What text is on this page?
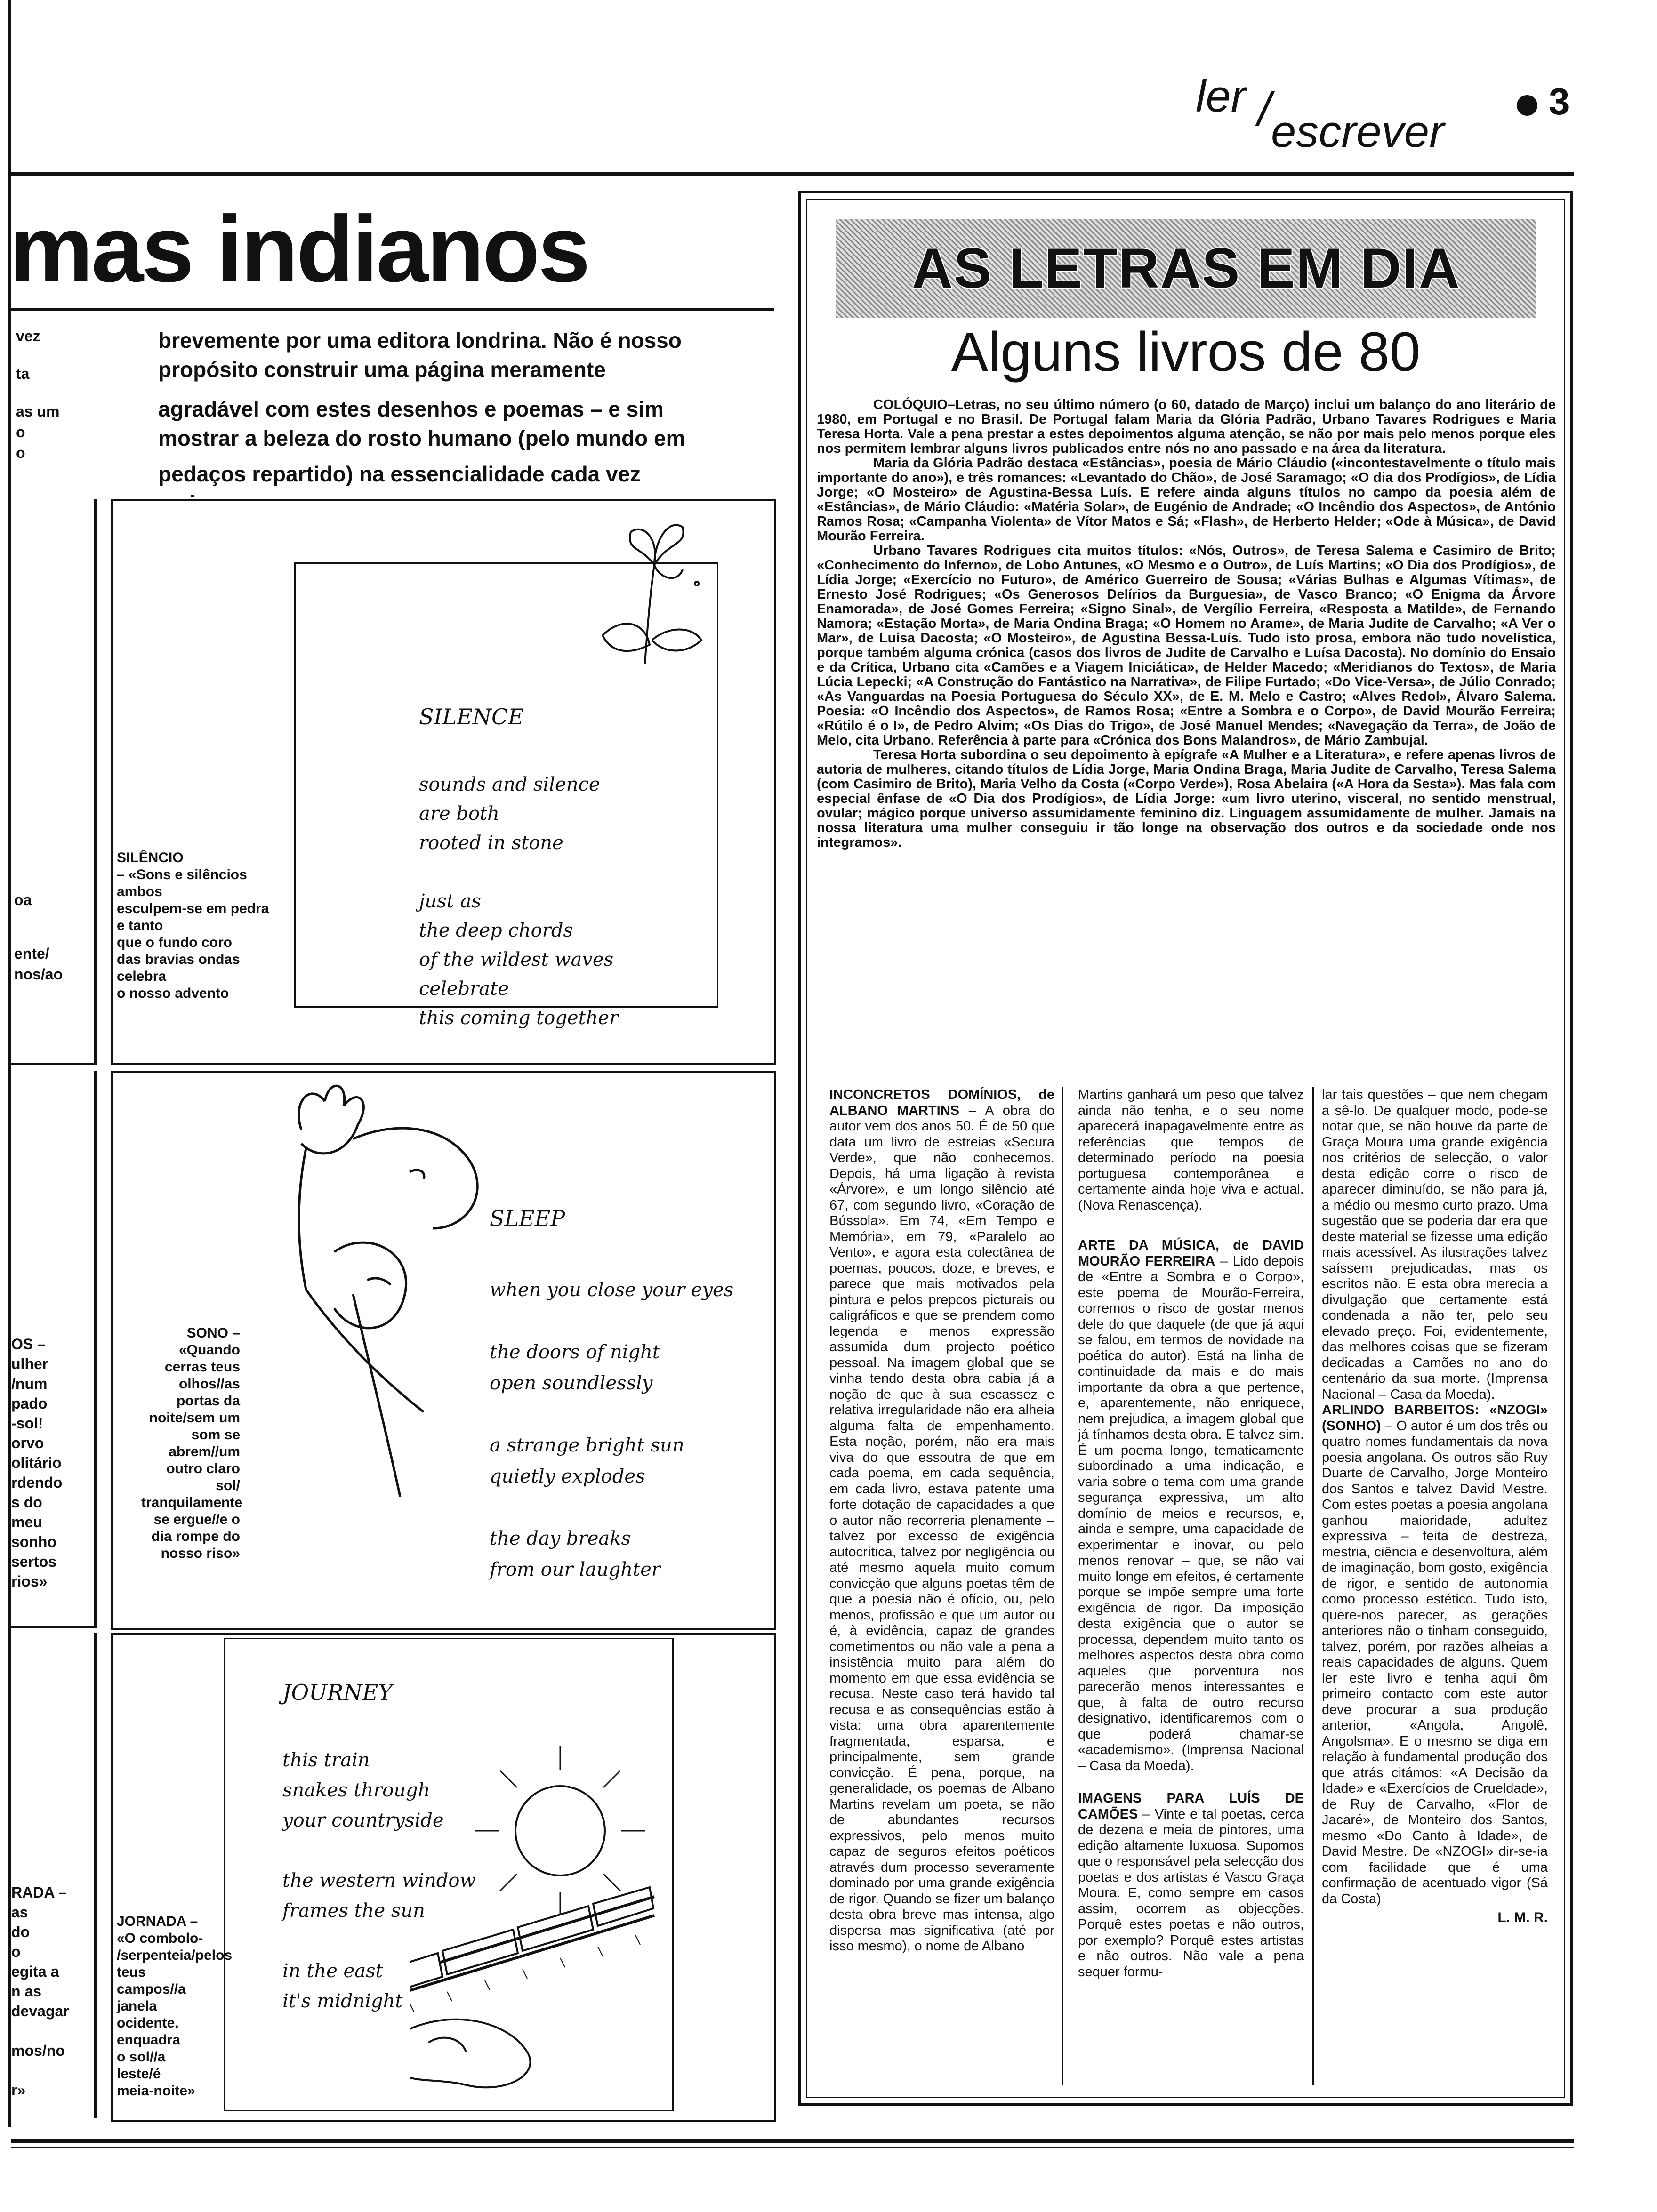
ler / escrever
3
mas indianos
vez
ta
as um
o
o
brevemente por uma editora londrina. Não é nosso
propósito construir uma página meramente
agradável com estes desenhos e poemas – e sim
mostrar a beleza do rosto humano (pelo mundo em
pedaços repartido) na essencialidade cada vez
oa
ente/
nos/ao
OS –
ulher
/num
pado
-sol!
orvo
olitário
rdendo
s do
meu
sonho
sertos
rios»
RADA –
as
do
o
egita a
n as
devagar
mos/no
r»

SILENCE

sounds and silence
are both
rooted in stone

just as
the deep chords
of the wildest waves
celebrate
this coming together

SILÊNCIO
– «Sons e silêncios
ambos
esculpem-se em pedra
e tanto
que o fundo coro
das bravias ondas
celebra
o nosso advento

SLEEP

when you close your eyes

the doors of night
open soundlessly

a strange bright sun
quietly explodes

the day breaks
from our laughter

SONO –
«Quando
cerras teus
olhos//as
portas da
noite/sem um
som se
abrem//um
outro claro
sol/
tranquilamente
se ergue//e o
dia rompe do
nosso riso»

JOURNEY

this train
snakes through
your countryside

the western window
frames the sun

in the east
it's midnight

JORNADA –
«O combolo-
/serpenteia/pelos
teus
campos//a
janela
ocidente.
enquadra
o sol//a
leste/é
meia-noite»
AS LETRAS EM DIA
Alguns livros de 80

COLÓQUIO–Letras, no seu último número (o 60, datado de Março) inclui um balanço do ano literário de 1980, em Portugal e no Brasil. De Portugal falam Maria da Glória Padrão, Urbano Tavares Rodrigues e Maria Teresa Horta. Vale a pena prestar a estes depoimentos alguma atenção, se não por mais pelo menos porque eles nos permitem lembrar alguns livros publicados entre nós no ano passado e na área da literatura.

Maria da Glória Padrão destaca «Estâncias», poesia de Mário Cláudio («incontestavelmente o título mais importante do ano»), e três romances: «Levantado do Chão», de José Saramago; «O dia dos Prodígios», de Lídia Jorge; «O Mosteiro» de Agustina-Bessa Luís. E refere ainda alguns títulos no campo da poesia além de «Estâncias», de Mário Cláudio: «Matéria Solar», de Eugénio de Andrade; «O Incêndio dos Aspectos», de António Ramos Rosa; «Campanha Violenta» de Vítor Matos e Sá; «Flash», de Herberto Helder; «Ode à Música», de David Mourão Ferreira.

Urbano Tavares Rodrigues cita muitos títulos: «Nós, Outros», de Teresa Salema e Casimiro de Brito; «Conhecimento do Inferno», de Lobo Antunes, «O Mesmo e o Outro», de Luís Martins; «O Dia dos Prodígios», de Lídia Jorge; «Exercício no Futuro», de Américo Guerreiro de Sousa; «Várias Bulhas e Algumas Vítimas», de Ernesto José Rodrigues; «Os Generosos Delírios da Burguesia», de Vasco Branco; «O Enigma da Árvore Enamorada», de José Gomes Ferreira; «Signo Sinal», de Vergílio Ferreira, «Resposta a Matilde», de Fernando Namora; «Estação Morta», de Maria Ondina Braga; «O Homem no Arame», de Maria Judite de Carvalho; «A Ver o Mar», de Luísa Dacosta; «O Mosteiro», de Agustina Bessa-Luís. Tudo isto prosa, embora não tudo novelística, porque também alguma crónica (casos dos livros de Judite de Carvalho e Luísa Dacosta). No domínio do Ensaio e da Crítica, Urbano cita «Camões e a Viagem Iniciática», de Helder Macedo; «Meridianos do Textos», de Maria Lúcia Lepecki; «A Construção do Fantástico na Narrativa», de Filipe Furtado; «Do Vice-Versa», de Júlio Conrado; «As Vanguardas na Poesia Portuguesa do Século XX», de E. M. Melo e Castro; «Alves Redol», Álvaro Salema. Poesia: «O Incêndio dos Aspectos», de Ramos Rosa; «Entre a Sombra e o Corpo», de David Mourão Ferreira; «Rútilo é o I», de Pedro Alvim; «Os Dias do Trigo», de José Manuel Mendes; «Navegação da Terra», de João de Melo, cita Urbano. Referência à parte para «Crónica dos Bons Malandros», de Mário Zambujal.

Teresa Horta subordina o seu depoimento à epígrafe «A Mulher e a Literatura», e refere apenas livros de autoria de mulheres, citando títulos de Lídia Jorge, Maria Ondina Braga, Maria Judite de Carvalho, Teresa Salema (com Casimiro de Brito), Maria Velho da Costa («Corpo Verde»), Rosa Abelaira («A Hora da Sesta»). Mas fala com especial ênfase de «O Dia dos Prodígios», de Lídia Jorge: «um livro uterino, visceral, no sentido menstrual, ovular; mágico porque universo assumidamente feminino diz. Linguagem assumidamente de mulher. Jamais na nossa literatura uma mulher conseguiu ir tão longe na observação dos outros e da sociedade onde nos integramos».

INCONCRETOS DOMÍNIOS, de ALBANO MARTINS – A obra do autor vem dos anos 50. É de 50 que data um livro de estreias «Secura Verde», que não conhecemos. Depois, há uma ligação à revista «Árvore», e um longo silêncio até 67, com segundo livro, «Coração de Bússola». Em 74, «Em Tempo e Memória», em 79, «Paralelo ao Vento», e agora esta colectânea de poemas, poucos, doze, e breves, e parece que mais motivados pela pintura e pelos prepcos picturais ou caligráficos e que se prendem como legenda e menos expressão assumida dum projecto poético pessoal. Na imagem global que se vinha tendo desta obra cabia já a noção de que à sua escassez e relativa irregularidade não era alheia alguma falta de empenhamento. Esta noção, porém, não era mais viva do que essoutra de que em cada poema, em cada sequência, em cada livro, estava patente uma forte dotação de capacidades a que o autor não recorreria plenamente – talvez por excesso de exigência autocrítica, talvez por negligência ou até mesmo aquela muito comum convicção que alguns poetas têm de que a poesia não é ofício, ou, pelo menos, profissão e que um autor ou é, à evidência, capaz de grandes cometimentos ou não vale a pena a insistência muito para além do momento em que essa evidência se recusa. Neste caso terá havido tal recusa e as consequências estão à vista: uma obra aparentemente fragmentada, esparsa, e principalmente, sem grande convicção. É pena, porque, na generalidade, os poemas de Albano Martins revelam um poeta, se não de abundantes recursos expressivos, pelo menos muito capaz de seguros efeitos poéticos através dum processo severamente dominado por uma grande exigência de rigor. Quando se fizer um balanço desta obra breve mas intensa, algo dispersa mas significativa (até por isso mesmo), o nome de Albano
Martins ganhará um peso que talvez ainda não tenha, e o seu nome aparecerá inapagavelmente entre as referências que tempos de determinado período na poesia portuguesa contemporânea e certamente ainda hoje viva e actual. (Nova Renascença).
ARTE DA MÚSICA, de DAVID MOURÃO FERREIRA – Lido depois de «Entre a Sombra e o Corpo», este poema de Mourão-Ferreira, corremos o risco de gostar menos dele do que daquele (de que já aqui se falou, em termos de novidade na poética do autor). Está na linha de continuidade da mais e do mais importante da obra a que pertence, e, aparentemente, não enriquece, nem prejudica, a imagem global que já tínhamos desta obra. E talvez sim. É um poema longo, tematicamente subordinado a uma indicação, e varia sobre o tema com uma grande segurança expressiva, um alto domínio de meios e recursos, e, ainda e sempre, uma capacidade de experimentar e inovar, ou pelo menos renovar – que, se não vai muito longe em efeitos, é certamente porque se impõe sempre uma forte exigência de rigor. Da imposição desta exigência que o autor se processa, dependem muito tanto os melhores aspectos desta obra como aqueles que porventura nos parecerão menos interessantes e que, à falta de outro recurso designativo, identificaremos com o que poderá chamar-se «academismo». (Imprensa Nacional – Casa da Moeda).
IMAGENS PARA LUÍS DE CAMÕES – Vinte e tal poetas, cerca de dezena e meia de pintores, uma edição altamente luxuosa. Supomos que o responsável pela selecção dos poetas e dos artistas é Vasco Graça Moura. E, como sempre em casos assim, ocorrem as objecções. Porquê estes poetas e não outros, por exemplo? Porquê estes artistas e não outros. Não vale a pena sequer formu-
lar tais questões – que nem chegam a sê-lo. De qualquer modo, pode-se notar que, se não houve da parte de Graça Moura uma grande exigência nos critérios de selecção, o valor desta edição corre o risco de aparecer diminuído, se não para já, a médio ou mesmo curto prazo. Uma sugestão que se poderia dar era que deste material se fizesse uma edição mais acessível. As ilustrações talvez saíssem prejudicadas, mas os escritos não. E esta obra merecia a divulgação que certamente está condenada a não ter, pelo seu elevado preço. Foi, evidentemente, das melhores coisas que se fizeram dedicadas a Camões no ano do centenário da sua morte. (Imprensa Nacional – Casa da Moeda).
ARLINDO BARBEITOS: «NZOGI» (SONHO) – O autor é um dos três ou quatro nomes fundamentais da nova poesia angolana. Os outros são Ruy Duarte de Carvalho, Jorge Monteiro dos Santos e talvez David Mestre. Com estes poetas a poesia angolana ganhou maioridade, adultez expressiva – feita de destreza, mestria, ciência e desenvoltura, além de imaginação, bom gosto, exigência de rigor, e sentido de autonomia como processo estético. Tudo isto, quere-nos parecer, as gerações anteriores não o tinham conseguido, talvez, porém, por razões alheias a reais capacidades de alguns. Quem ler este livro e tenha aqui ôm primeiro contacto com este autor deve procurar a sua produção anterior, «Angola, Angolê, Angolsma». E o mesmo se diga em relação à fundamental produção dos que atrás citámos: «A Decisão da Idade» e «Exercícios de Crueldade», de Ruy de Carvalho, «Flor de Jacaré», de Monteiro dos Santos, mesmo «Do Canto à Idade», de David Mestre. De «NZOGI» dir-se-ia com facilidade que é uma confirmação de acentuado vigor (Sá da Costa)
L. M. R.
